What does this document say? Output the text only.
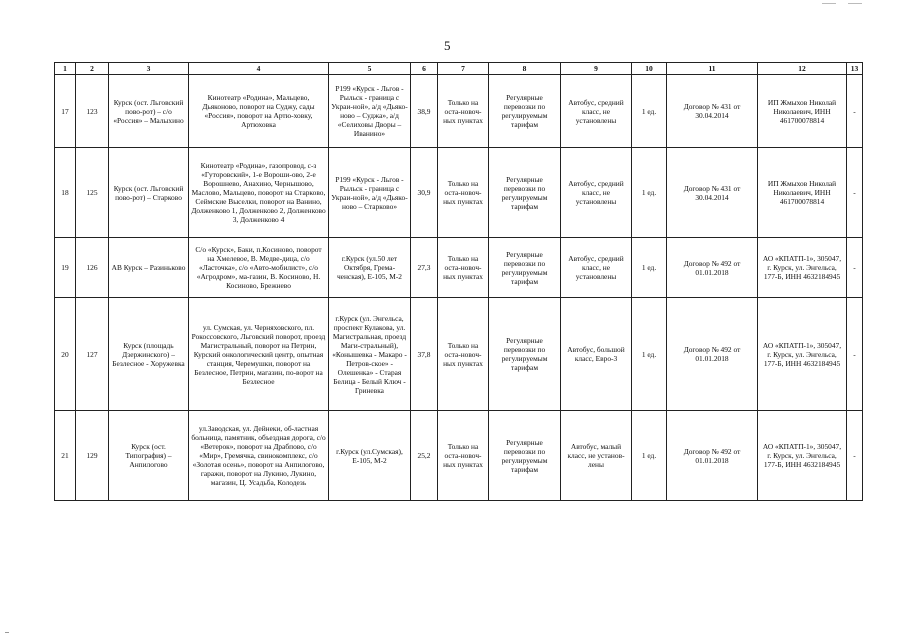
5
1	2	3	4	5	6	7	8	9	10	11	12	13
17	123	Курск (ост. Льговский пово-рот) – с/о «Россия» – Малыхино	Кинотеатр «Родина», Мальцево, Дьяконово, поворот на Суджу, сады «Россия», поворот на Артю-ховку, Артюховка	Р199 «Курск - Льгов - Рыльск - граница с Украи-ной», а/д «Дьяко-ново – Суджа», а/д «Селиховы Дворы – Иванино»	38,9	Только на оста-новоч-ных пунктах	Регулярные перевозки по регулируемым тарифам	Автобус, средний класс, не установлены	1 ед.	Договор № 431 от 30.04.2014	ИП Жмыхов Николай Николаевич, ИНН 461700078814	-
18	125	Курск (ост. Льговский пово-рот) – Старково	Кинотеатр «Родина», газопровод, с-з «Гуторовский», 1-е Вороши-ово, 2-е Ворошнево, Анахино, Чернышово, Маслово, Мальцево, поворот на Старково, Сеймские Выселки, поворот на Ванино, Долженково 1, Долженково 2, Долженково 3, Долженково 4	Р199 «Курск - Льгов - Рыльск - граница с Украи-ной», а/д «Дьяко-ново – Старково»	30,9	Только на оста-новоч-ных пунктах	Регулярные перевозки по регулируемым тарифам	Автобус, средний класс, не установлены	1 ед.	Договор № 431 от 30.04.2014	ИП Жмыхов Николай Николаевич, ИНН 461700078814	-
19	126	АВ Курск – Разиньково	С/о «Курск», Баки, п.Косиново, поворот на Хмелевое, В. Медве-дица, с/о «Ласточка», с/о «Авто-мобилист», с/о «Агродром», ма-газин, В. Косиново, Н. Косиново, Брежнево	г.Курск (ул.50 лет Октября, Грема-ченская), Е-105, М-2	27,3	Только на оста-новоч-ных пунктах	Регулярные перевозки по регулируемым тарифам	Автобус, средний класс, не установлены	1 ед.	Договор № 492 от 01.01.2018	АО «КПАТП-1», 305047, г. Курск, ул. Энгельса, 177-Б, ИНН 4632184945	-
20	127	Курск (площадь Дзержинского) – Безлесное - Хоружевка	ул. Сумская, ул. Черняховского, пл. Рокоссовского, Льговский поворот, проезд Магистральный, поворот на Петрин, Курский онкологический центр, опытная станция, Черемушки, поворот на Безлесное, Петрин, магазин, по-ворот на Безлесное	г.Курск (ул. Энгельса, проспект Кулакова, ул. Магистральная, проезд Маги-стральный), «Конышевка - Макаро - Петров-ское» - Олешенка» - Старая Белица - Белый Ключ - Гриневка	37,8	Только на оста-новоч-ных пунктах	Регулярные перевозки по регулируемым тарифам	Автобус, большой класс, Евро-3	1 ед.	Договор № 492 от 01.01.2018	АО «КПАТП-1», 305047, г. Курск, ул. Энгельса, 177-Б, ИНН 4632184945	-
21	129	Курск (ост. Типография) – Анпилогово	ул.Заводская, ул. Дейнеки, об-ластная больница, памятник, объездная дорога, с/о «Ветерок», поворот на Драбпово, с/о «Мир», Гремячка, свинокомплекс, с/о «Золотая осень», поворот на Анпилогово, гаражи, поворот на Лукино, Лукино, магазин, Ц. Усадьба, Колодезь	г.Курск (ул.Сумская), Е-105, М-2	25,2	Только на оста-новоч-ных пунктах	Регулярные перевозки по регулируемым тарифам	Автобус, малый класс, не установ-лены	1 ед.	Договор № 492 от 01.01.2018	АО «КПАТП-1», 305047, г. Курск, ул. Энгельса, 177-Б, ИНН 4632184945	-
